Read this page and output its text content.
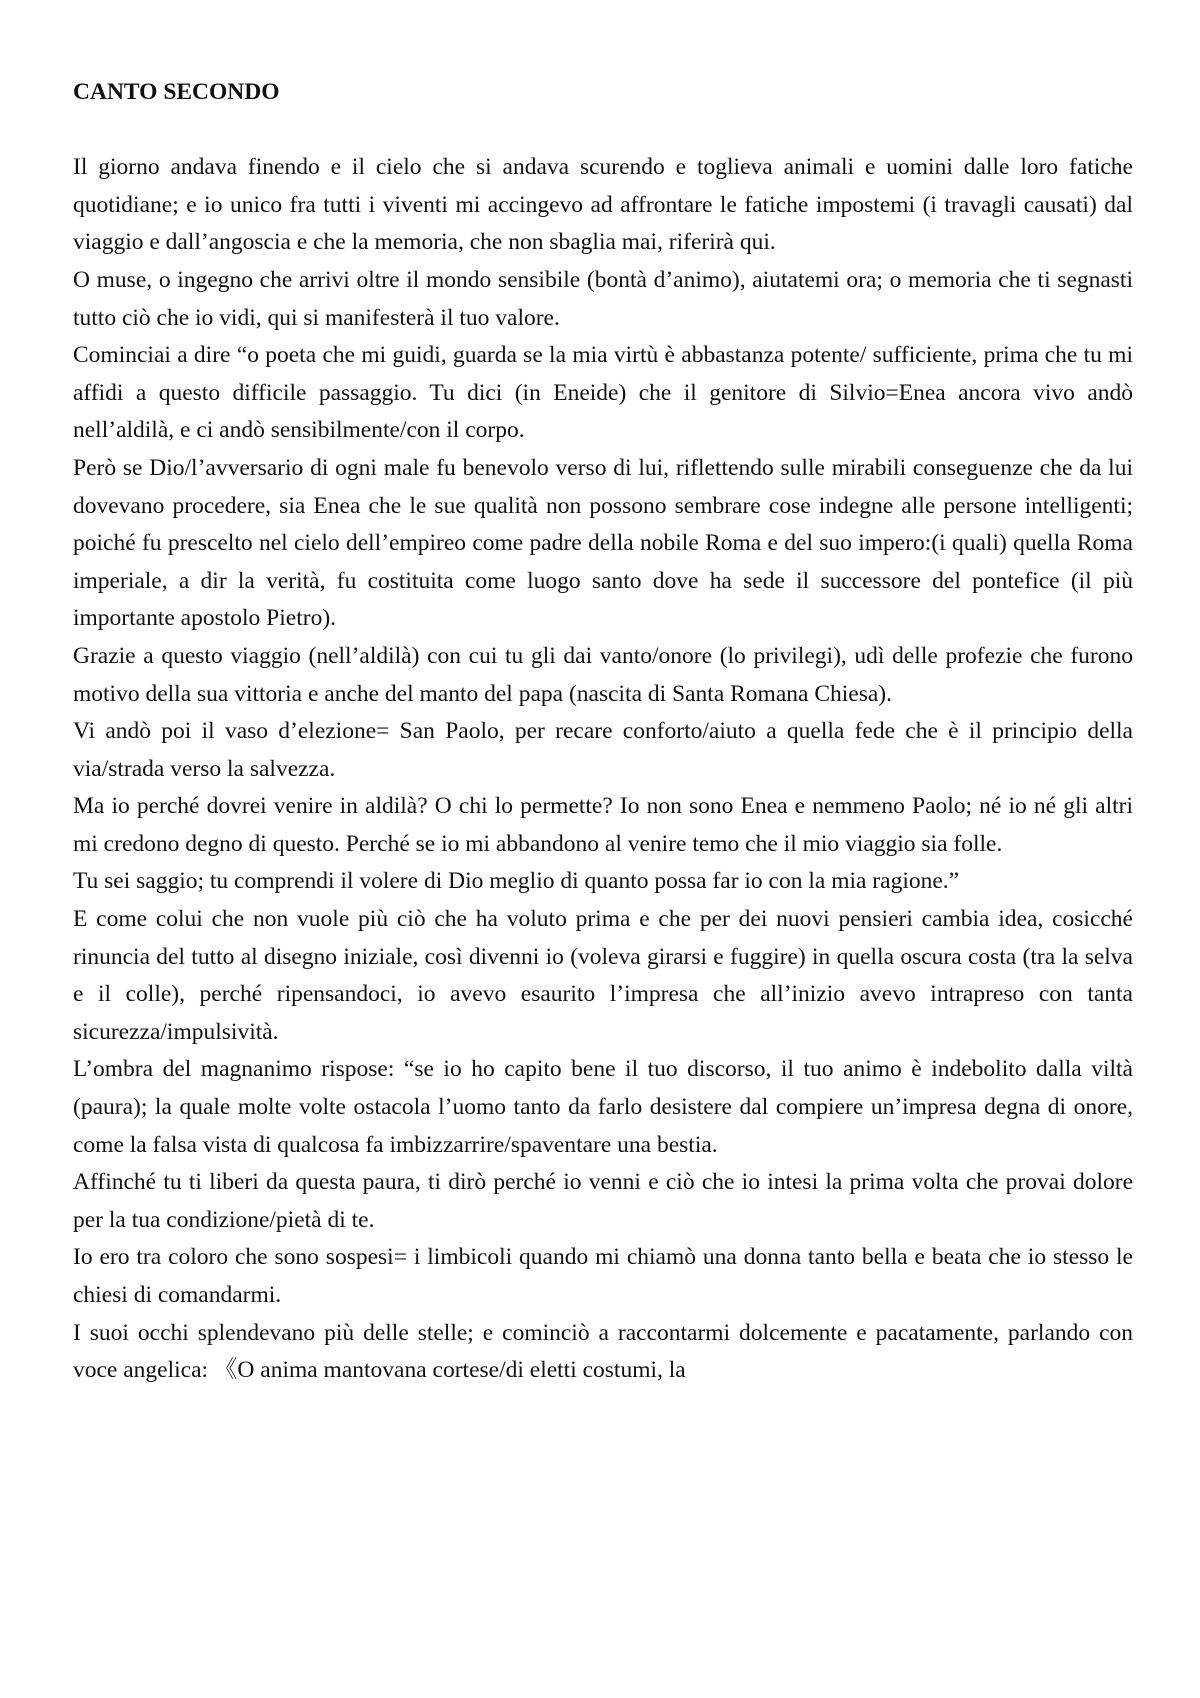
CANTO SECONDO

Il giorno andava finendo e il cielo che si andava scurendo e toglieva animali e uomini dalle loro fatiche quotidiane; e io unico fra tutti i viventi mi accingevo ad affrontare le fatiche impostemi (i travagli causati) dal viaggio e dall’angoscia e che la memoria, che non sbaglia mai, riferirà qui.

O muse, o ingegno che arrivi oltre il mondo sensibile (bontà d’animo), aiutatemi ora; o memoria che ti segnasti tutto ciò che io vidi, qui si manifesterà il tuo valore.

Cominciai a dire “o poeta che mi guidi, guarda se la mia virtù è abbastanza potente/ sufficiente, prima che tu mi affidi a questo difficile passaggio. Tu dici (in Eneide) che il genitore di Silvio=Enea ancora vivo andò nell’aldilà, e ci andò sensibilmente/con il corpo.

Però se Dio/l’avversario di ogni male fu benevolo verso di lui, riflettendo sulle mirabili conseguenze che da lui dovevano procedere, sia Enea che le sue qualità non possono sembrare cose indegne alle persone intelligenti; poiché fu prescelto nel cielo dell’empireo come padre della nobile Roma e del suo impero:(i quali) quella Roma imperiale, a dir la verità, fu costituita come luogo santo dove ha sede il successore del pontefice (il più importante apostolo Pietro).

Grazie a questo viaggio (nell’aldilà) con cui tu gli dai vanto/onore (lo privilegi), udì delle profezie che furono motivo della sua vittoria e anche del manto del papa (nascita di Santa Romana Chiesa).

Vi andò poi il vaso d’elezione= San Paolo, per recare conforto/aiuto a quella fede che è il principio della via/strada verso la salvezza.

Ma io perché dovrei venire in aldilà? O chi lo permette? Io non sono Enea e nemmeno Paolo; né io né gli altri mi credono degno di questo. Perché se io mi abbandono al venire temo che il mio viaggio sia folle.

Tu sei saggio; tu comprendi il volere di Dio meglio di quanto possa far io con la mia ragione.”

E come colui che non vuole più ciò che ha voluto prima e che per dei nuovi pensieri cambia idea, cosicché rinuncia del tutto al disegno iniziale, così divenni io (voleva girarsi e fuggire) in quella oscura costa (tra la selva e il colle), perché ripensandoci, io avevo esaurito l’impresa che all’inizio avevo intrapreso con tanta sicurezza/impulsività.

L’ombra del magnanimo rispose: “se io ho capito bene il tuo discorso, il tuo animo è indebolito dalla viltà (paura); la quale molte volte ostacola l’uomo tanto da farlo desistere dal compiere un’impresa degna di onore, come la falsa vista di qualcosa fa imbizzarrire/spaventare una bestia.

Affinché tu ti liberi da questa paura, ti dirò perché io venni e ciò che io intesi la prima volta che provai dolore per la tua condizione/pietà di te.

Io ero tra coloro che sono sospesi= i limbicoli quando mi chiamò una donna tanto bella e beata che io stesso le chiesi di comandarmi.

I suoi occhi splendevano più delle stelle; e cominciò a raccontarmi dolcemente e pacatamente, parlando con voce angelica: 《O anima mantovana cortese/di eletti costumi, la
